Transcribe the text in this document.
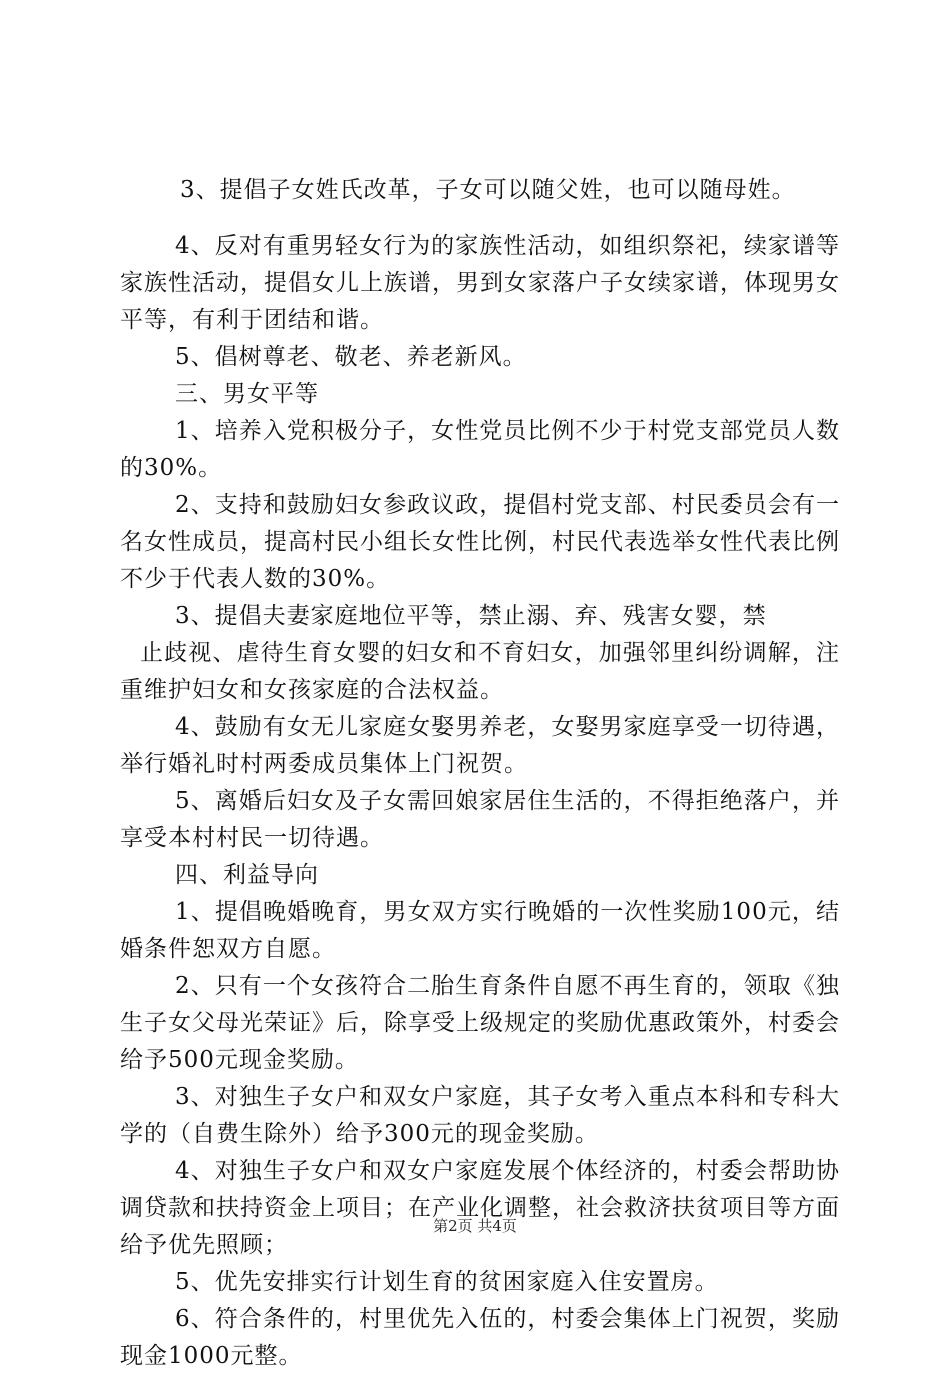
3、提倡子女姓氏改革，子女可以随父姓，也可以随母姓。

4、反对有重男轻女行为的家族性活动，如组织祭祀，续家谱等家族性活动，提倡女儿上族谱，男到女家落户子女续家谱，体现男女平等，有利于团结和谐。

5、倡树尊老、敬老、养老新风。

三、男女平等

1、培养入党积极分子，女性党员比例不少于村党支部党员人数的30%。

2、支持和鼓励妇女参政议政，提倡村党支部、村民委员会有一名女性成员，提高村民小组长女性比例，村民代表选举女性代表比例不少于代表人数的30%。

3、提倡夫妻家庭地位平等，禁止溺、弃、残害女婴，禁

止歧视、虐待生育女婴的妇女和不育妇女，加强邻里纠纷调解，注重维护妇女和女孩家庭的合法权益。

4、鼓励有女无儿家庭女娶男养老，女娶男家庭享受一切待遇，举行婚礼时村两委成员集体上门祝贺。

5、离婚后妇女及子女需回娘家居住生活的，不得拒绝落户，并享受本村村民一切待遇。

四、利益导向

1、提倡晚婚晚育，男女双方实行晚婚的一次性奖励100元，结婚条件恕双方自愿。

2、只有一个女孩符合二胎生育条件自愿不再生育的，领取《独生子女父母光荣证》后，除享受上级规定的奖励优惠政策外，村委会给予500元现金奖励。

3、对独生子女户和双女户家庭，其子女考入重点本科和专科大学的（自费生除外）给予300元的现金奖励。

4、对独生子女户和双女户家庭发展个体经济的，村委会帮助协调贷款和扶持资金上项目；在产业化调整，社会救济扶贫项目等方面给予优先照顾；

5、优先安排实行计划生育的贫困家庭入住安置房。

6、符合条件的，村里优先入伍的，村委会集体上门祝贺，奖励现金1000元整。

第2页 共4页
